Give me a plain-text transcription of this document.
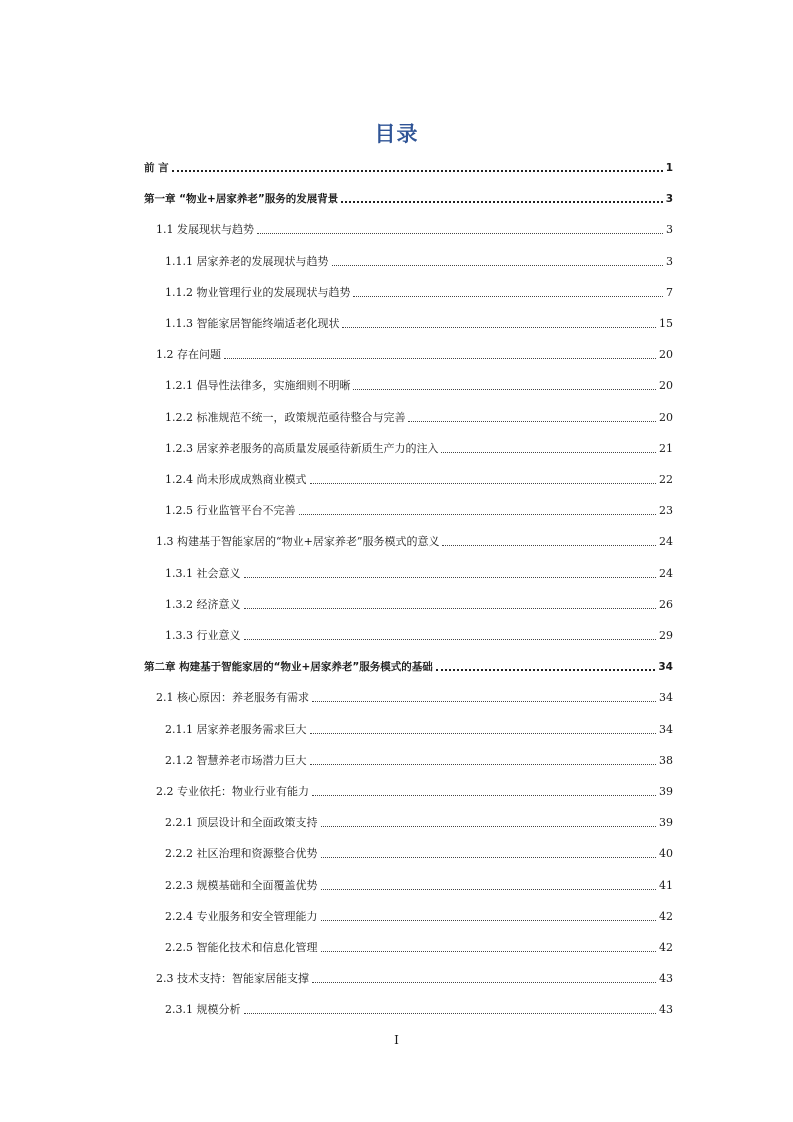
目录
前 言	1
第一章 “物业+居家养老”服务的发展背景	3
1.1 发展现状与趋势	3
1.1.1 居家养老的发展现状与趋势	3
1.1.2 物业管理行业的发展现状与趋势	7
1.1.3 智能家居智能终端适老化现状	15
1.2 存在问题	20
1.2.1 倡导性法律多，实施细则不明晰	20
1.2.2 标准规范不统一，政策规范亟待整合与完善	20
1.2.3 居家养老服务的高质量发展亟待新质生产力的注入	21
1.2.4 尚未形成成熟商业模式	22
1.2.5 行业监管平台不完善	23
1.3 构建基于智能家居的“物业+居家养老”服务模式的意义	24
1.3.1 社会意义	24
1.3.2 经济意义	26
1.3.3 行业意义	29
第二章 构建基于智能家居的“物业+居家养老”服务模式的基础	34
2.1 核心原因：养老服务有需求	34
2.1.1 居家养老服务需求巨大	34
2.1.2 智慧养老市场潜力巨大	38
2.2 专业依托：物业行业有能力	39
2.2.1 顶层设计和全面政策支持	39
2.2.2 社区治理和资源整合优势	40
2.2.3 规模基础和全面覆盖优势	41
2.2.4 专业服务和安全管理能力	42
2.2.5 智能化技术和信息化管理	42
2.3 技术支持：智能家居能支撑	43
2.3.1 规模分析	43
I
